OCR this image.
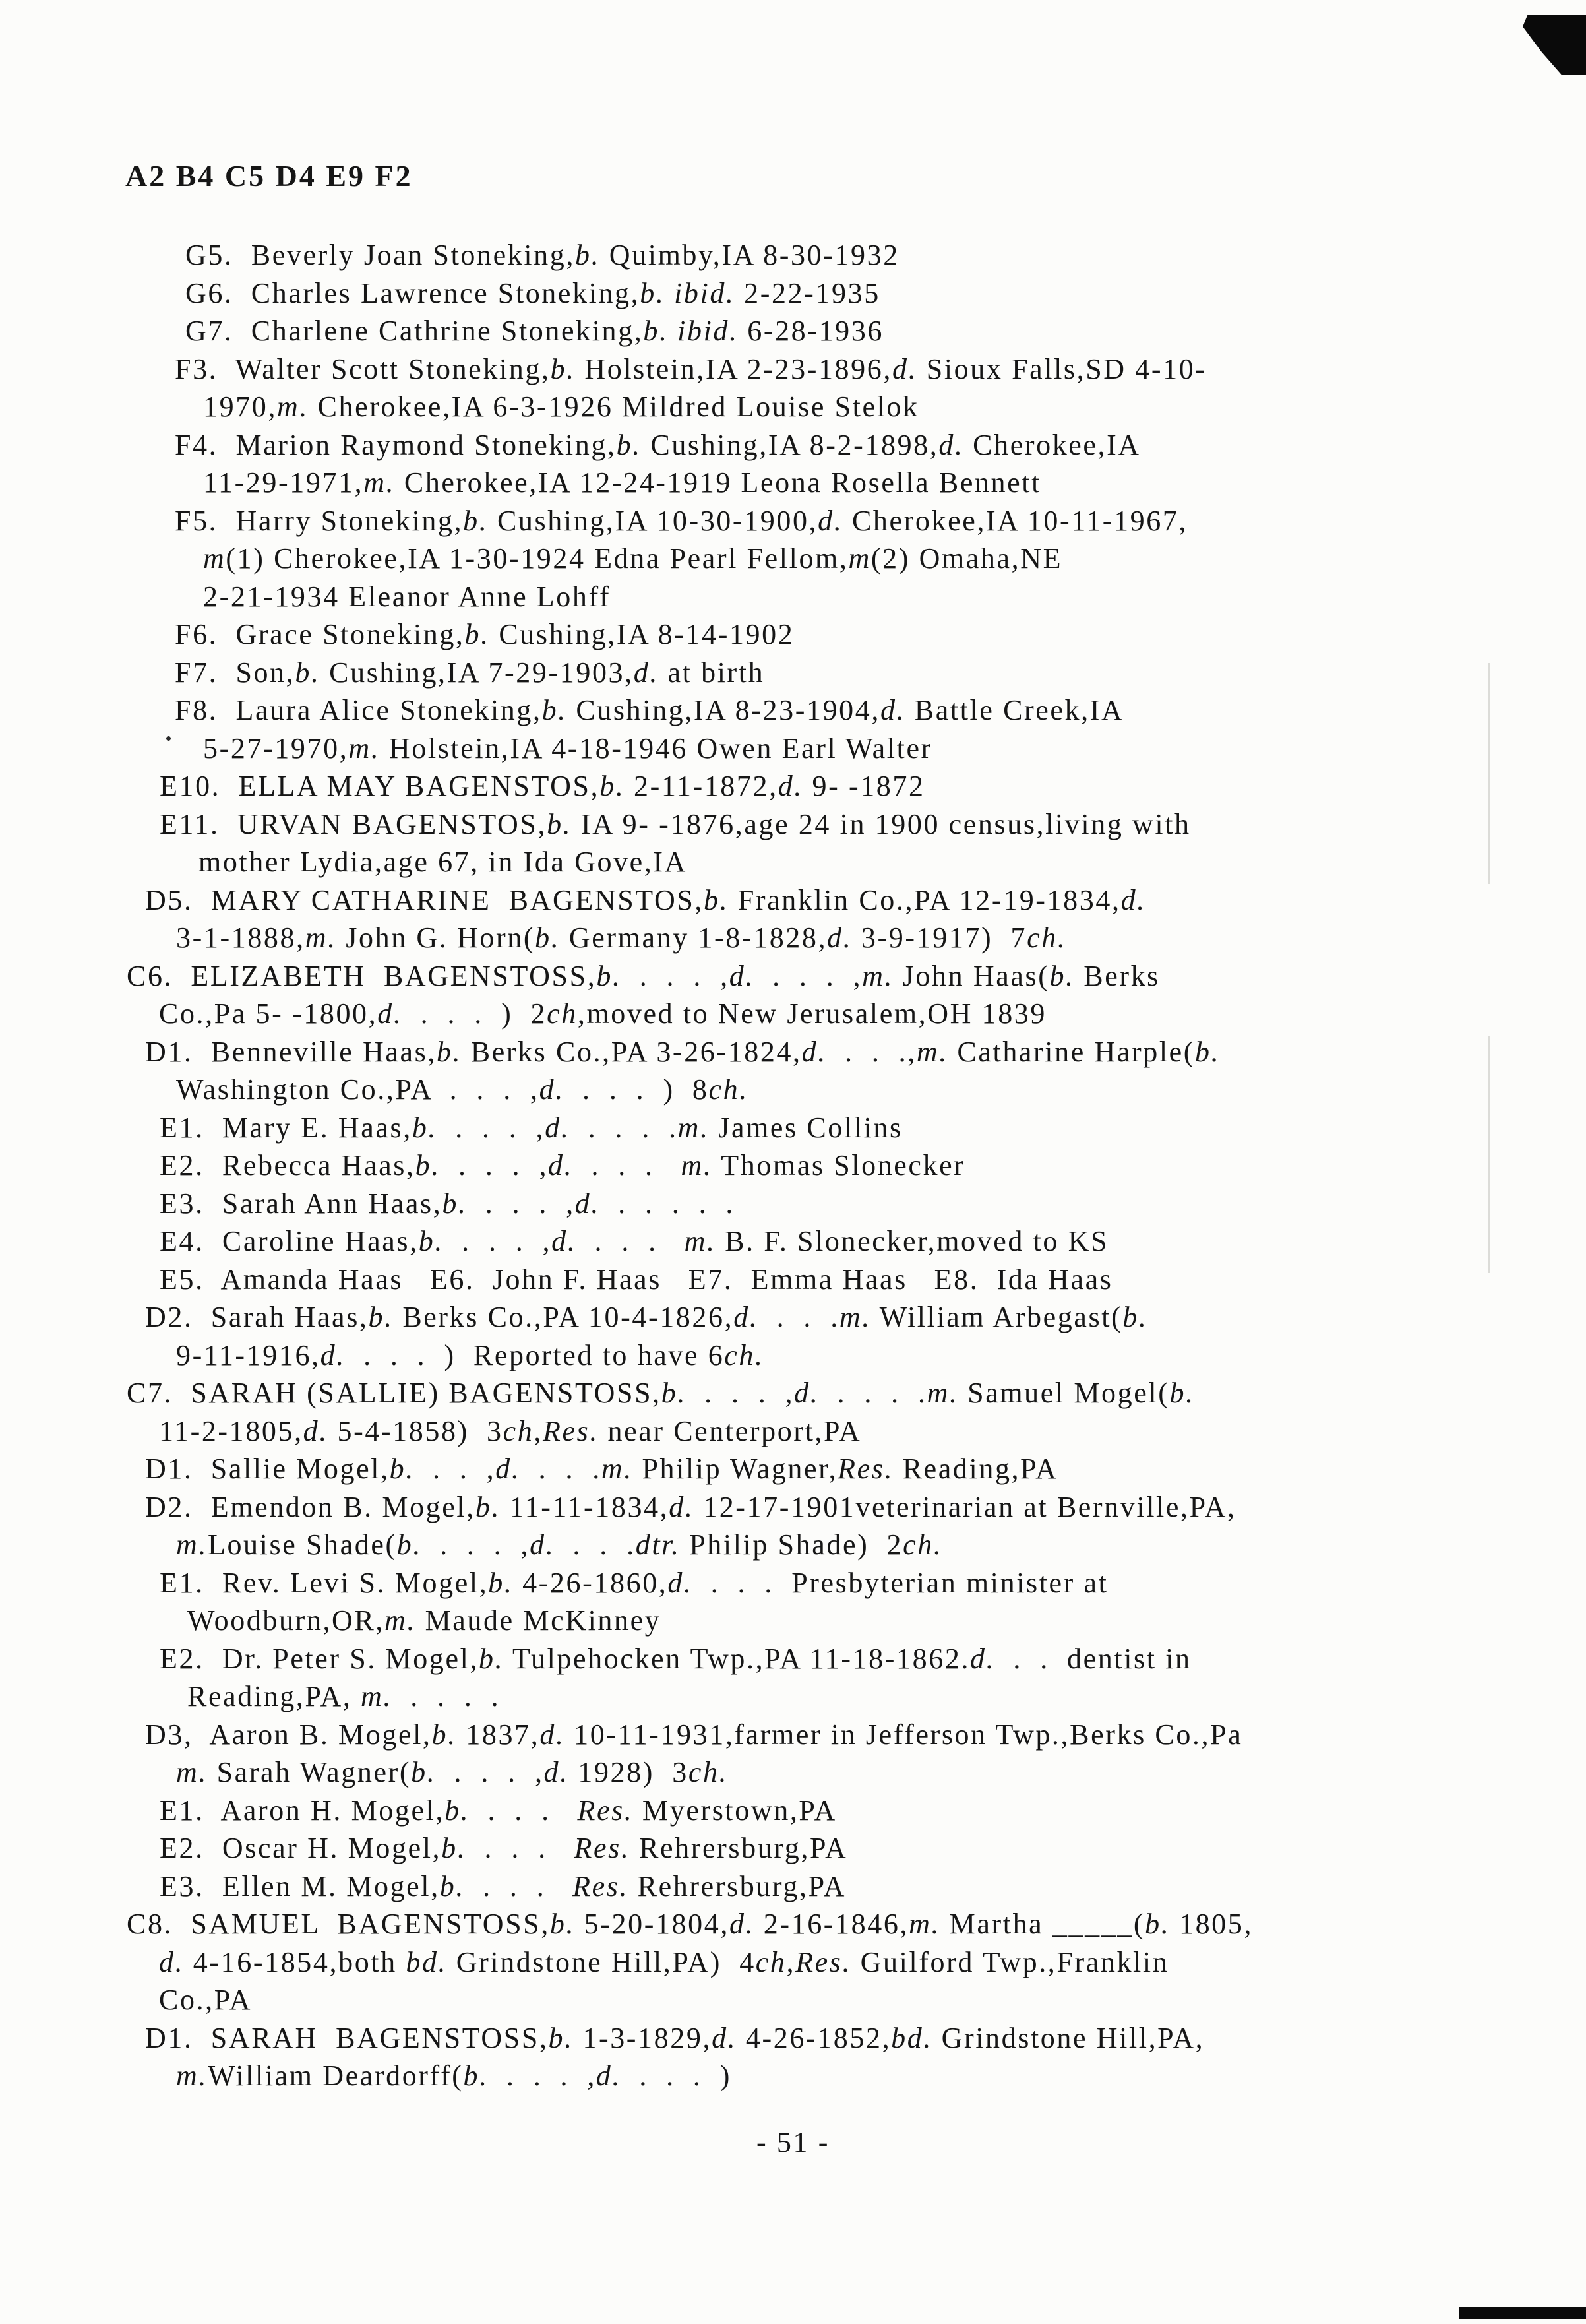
A2 B4 C5 D4 E9 F2
G5.  Beverly Joan Stoneking,b. Quimby,IA 8-30-1932
G6.  Charles Lawrence Stoneking,b. ibid. 2-22-1935
G7.  Charlene Cathrine Stoneking,b. ibid. 6-28-1936
F3.  Walter Scott Stoneking,b. Holstein,IA 2-23-1896,d. Sioux Falls,SD 4-10-
1970,m. Cherokee,IA 6-3-1926 Mildred Louise Stelok
F4.  Marion Raymond Stoneking,b. Cushing,IA 8-2-1898,d. Cherokee,IA
11-29-1971,m. Cherokee,IA 12-24-1919 Leona Rosella Bennett
F5.  Harry Stoneking,b. Cushing,IA 10-30-1900,d. Cherokee,IA 10-11-1967,
m(1) Cherokee,IA 1-30-1924 Edna Pearl Fellom,m(2) Omaha,NE
2-21-1934 Eleanor Anne Lohff
F6.  Grace Stoneking,b. Cushing,IA 8-14-1902
F7.  Son,b. Cushing,IA 7-29-1903,d. at birth
F8.  Laura Alice Stoneking,b. Cushing,IA 8-23-1904,d. Battle Creek,IA
5-27-1970,m. Holstein,IA 4-18-1946 Owen Earl Walter
E10.  ELLA MAY BAGENSTOS,b. 2-11-1872,d. 9- -1872
E11.  URVAN BAGENSTOS,b. IA 9- -1876,age 24 in 1900 census,living with
mother Lydia,age 67, in Ida Gove,IA
D5.  MARY CATHARINE  BAGENSTOS,b. Franklin Co.,PA 12-19-1834,d.
3-1-1888,m. John G. Horn(b. Germany 1-8-1828,d. 3-9-1917)  7ch.
C6.  ELIZABETH  BAGENSTOSS,b.  .  .  .  ,d.  .  .  .  ,m. John Haas(b. Berks
Co.,Pa 5- -1800,d.  .  .  .  )  2ch,moved to New Jerusalem,OH 1839
D1.  Benneville Haas,b. Berks Co.,PA 3-26-1824,d.  .  .  .,m. Catharine Harple(b.
Washington Co.,PA  .  .  .  ,d.  .  .  .  )  8ch.
E1.  Mary E. Haas,b.  .  .  .  ,d.  .  .  .  .m. James Collins
E2.  Rebecca Haas,b.  .  .  .  ,d.  .  .  .   m. Thomas Slonecker
E3.  Sarah Ann Haas,b.  .  .  .  ,d.  .  .  .  .  .
E4.  Caroline Haas,b.  .  .  .  ,d.  .  .  .   m. B. F. Slonecker,moved to KS
E5.  Amanda Haas   E6.  John F. Haas   E7.  Emma Haas   E8.  Ida Haas
D2.  Sarah Haas,b. Berks Co.,PA 10-4-1826,d.  .  .  .m. William Arbegast(b.
9-11-1916,d.  .  .  .  )  Reported to have 6ch.
C7.  SARAH (SALLIE) BAGENSTOSS,b.  .  .  .  ,d.  .  .  .  .m. Samuel Mogel(b.
11-2-1805,d. 5-4-1858)  3ch,Res. near Centerport,PA
D1.  Sallie Mogel,b.  .  .  ,d.  .  .  .m. Philip Wagner,Res. Reading,PA
D2.  Emendon B. Mogel,b. 11-11-1834,d. 12-17-1901veterinarian at Bernville,PA,
m.Louise Shade(b.  .  .  .  ,d.  .  .  .dtr. Philip Shade)  2ch.
E1.  Rev. Levi S. Mogel,b. 4-26-1860,d.  .  .  .  Presbyterian minister at
Woodburn,OR,m. Maude McKinney
E2.  Dr. Peter S. Mogel,b. Tulpehocken Twp.,PA 11-18-1862.d.  .  .  dentist in
Reading,PA, m.  .  .  .  .
D3,  Aaron B. Mogel,b. 1837,d. 10-11-1931,farmer in Jefferson Twp.,Berks Co.,Pa
m. Sarah Wagner(b.  .  .  .  ,d. 1928)  3ch.
E1.  Aaron H. Mogel,b.  .  .  .   Res. Myerstown,PA
E2.  Oscar H. Mogel,b.  .  .  .   Res. Rehrersburg,PA
E3.  Ellen M. Mogel,b.  .  .  .   Res. Rehrersburg,PA
C8.  SAMUEL  BAGENSTOSS,b. 5-20-1804,d. 2-16-1846,m. Martha _____(b. 1805,
d. 4-16-1854,both bd. Grindstone Hill,PA)  4ch,Res. Guilford Twp.,Franklin
Co.,PA
D1.  SARAH  BAGENSTOSS,b. 1-3-1829,d. 4-26-1852,bd. Grindstone Hill,PA,
m.William Deardorff(b.  .  .  .  ,d.  .  .  .  )
- 51 -
